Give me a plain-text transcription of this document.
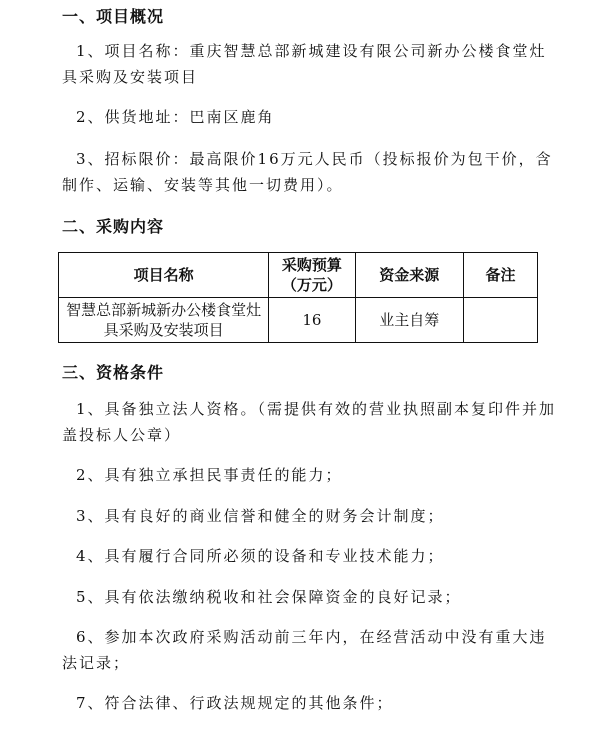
一、项目概况

1、项目名称：重庆智慧总部新城建设有限公司新办公楼食堂灶具采购及安装项目

2、供货地址：巴南区鹿角

3、招标限价：最高限价16万元人民币（投标报价为包干价，含制作、运输、安装等其他一切费用）。

二、采购内容
项目名称	采购预算（万元）	资金来源	备注
智慧总部新城新办公楼食堂灶具采购及安装项目	16	业主自筹	
三、资格条件

1、具备独立法人资格。（需提供有效的营业执照副本复印件并加盖投标人公章）

2、具有独立承担民事责任的能力；

3、具有良好的商业信誉和健全的财务会计制度；

4、具有履行合同所必须的设备和专业技术能力；

5、具有依法缴纳税收和社会保障资金的良好记录；

6、参加本次政府采购活动前三年内，在经营活动中没有重大违法记录；

7、符合法律、行政法规规定的其他条件；
